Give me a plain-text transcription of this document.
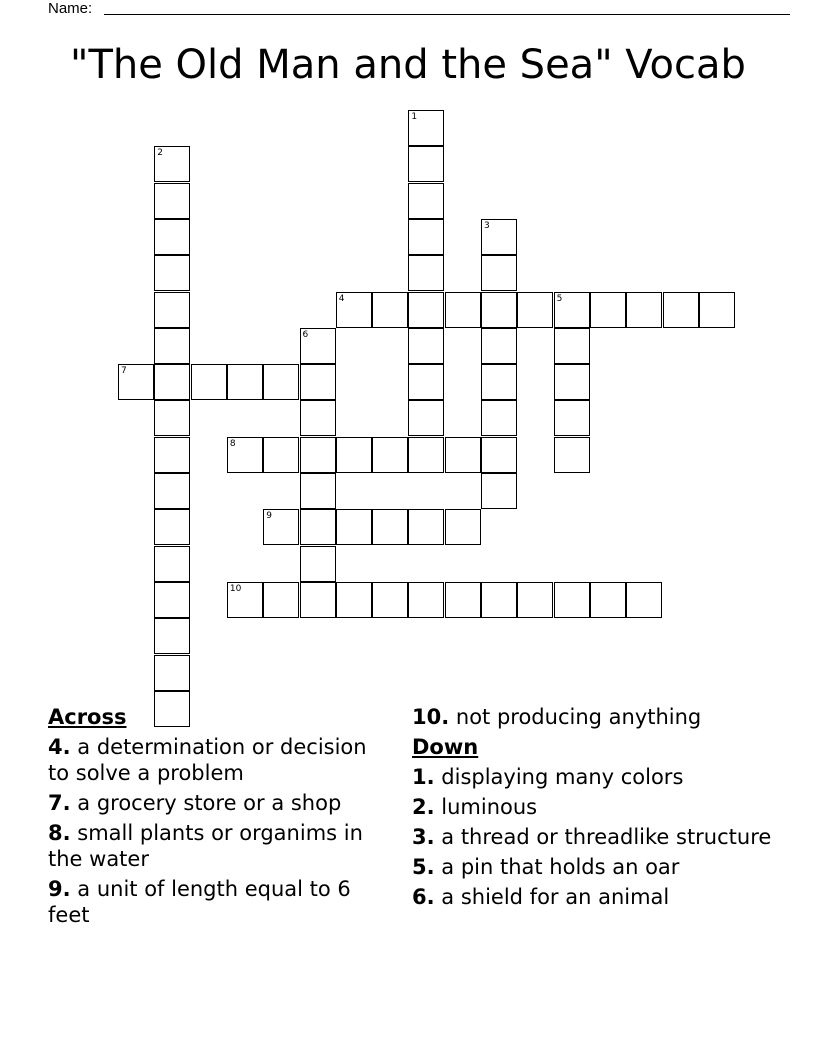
Name:
"The Old Man and the Sea" Vocab
1
2
3
4	5
6
7
8
9
10
Across
4. a determination or decision to solve a problem
7. a grocery store or a shop
8. small plants or organims in the water
9. a unit of length equal to 6 feet
10. not producing anything
Down
1. displaying many colors
2. luminous
3. a thread or threadlike structure
5. a pin that holds an oar
6. a shield for an animal
